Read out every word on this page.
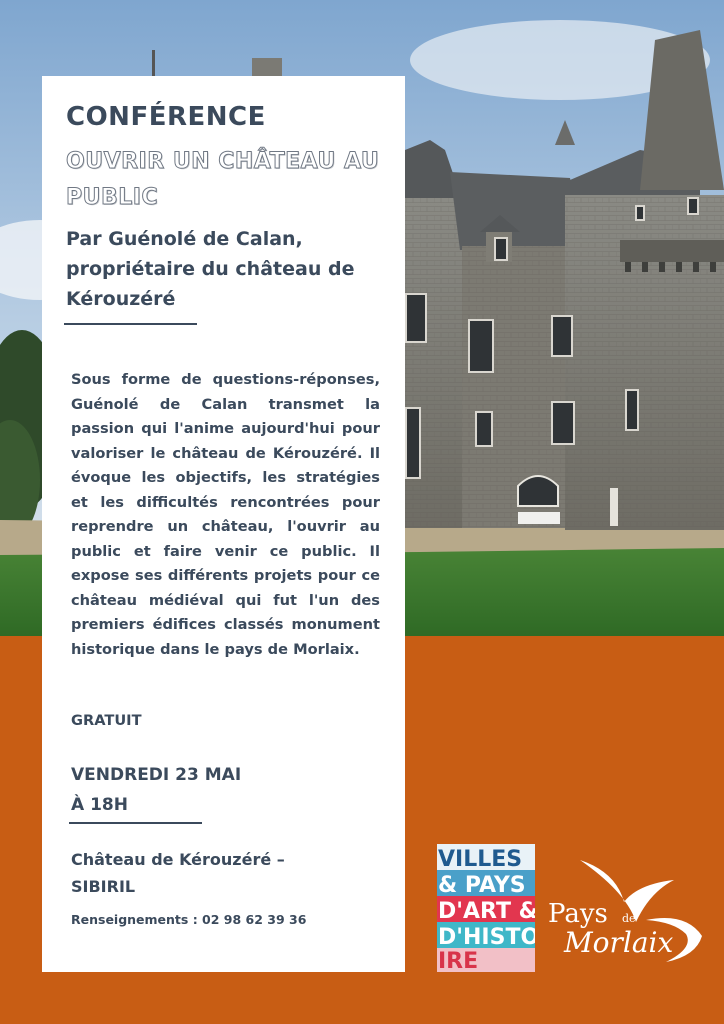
CONFÉRENCE
OUVRIR UN CHÂTEAU AU PUBLIC

Par Guénolé de Calan, propriétaire du château de Kérouzéré

Sous forme de questions-réponses, Guénolé de Calan transmet la passion qui l'anime aujourd'hui pour valoriser le château de Kérouzéré. Il évoque les objectifs, les stratégies et les difficultés rencontrées pour reprendre un château, l'ouvrir au public et faire venir ce public. Il expose ses différents projets pour ce château médiéval qui fut l'un des premiers édifices classés monument historique dans le pays de Morlaix.

GRATUIT

VENDREDI 23 MAI
À 18H

Château de Kérouzéré –
SIBIRIL

Renseignements : 02 98 62 39 36

VILLES
& PAYS
D'ART &
D'HISTO
IRE
Pays de
Morlaix
